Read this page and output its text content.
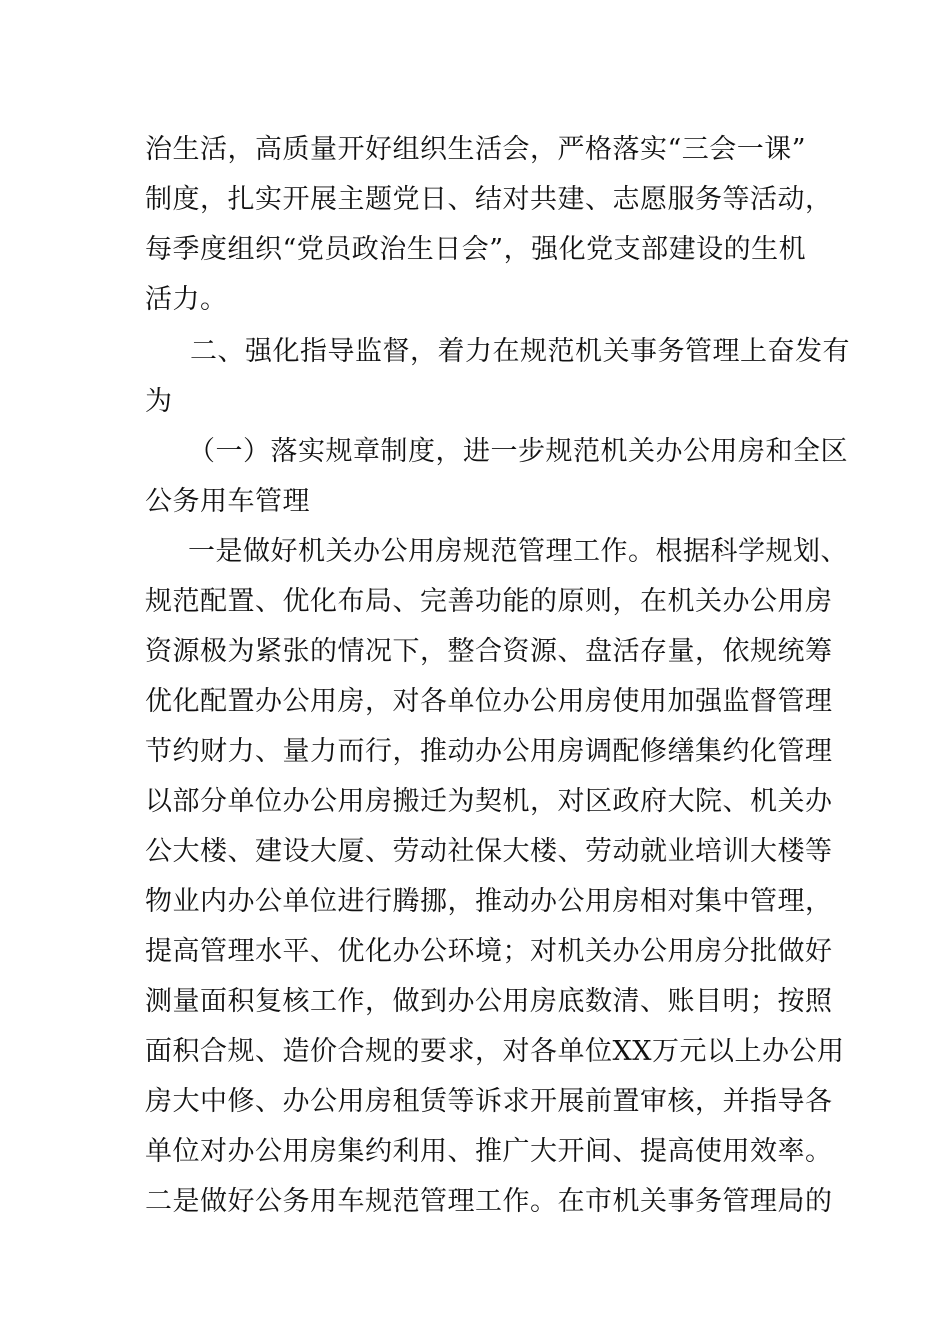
治生活，高质量开好组织生活会，严格落实“三会一课”
制度，扎实开展主题党日、结对共建、志愿服务等活动，
每季度组织“党员政治生日会”，强化党支部建设的生机
活力。
二、强化指导监督，着力在规范机关事务管理上奋发有
为
（一）落实规章制度，进一步规范机关办公用房和全区
公务用车管理
一是做好机关办公用房规范管理工作。根据科学规划、
规范配置、优化布局、完善功能的原则，在机关办公用房
资源极为紧张的情况下，整合资源、盘活存量，依规统筹
优化配置办公用房，对各单位办公用房使用加强监督管理
节约财力、量力而行，推动办公用房调配修缮集约化管理
以部分单位办公用房搬迁为契机，对区政府大院、机关办
公大楼、建设大厦、劳动社保大楼、劳动就业培训大楼等
物业内办公单位进行腾挪，推动办公用房相对集中管理，
提高管理水平、优化办公环境；对机关办公用房分批做好
测量面积复核工作，做到办公用房底数清、账目明；按照
面积合规、造价合规的要求，对各单位XX万元以上办公用
房大中修、办公用房租赁等诉求开展前置审核，并指导各
单位对办公用房集约利用、推广大开间、提高使用效率。
二是做好公务用车规范管理工作。在市机关事务管理局的
